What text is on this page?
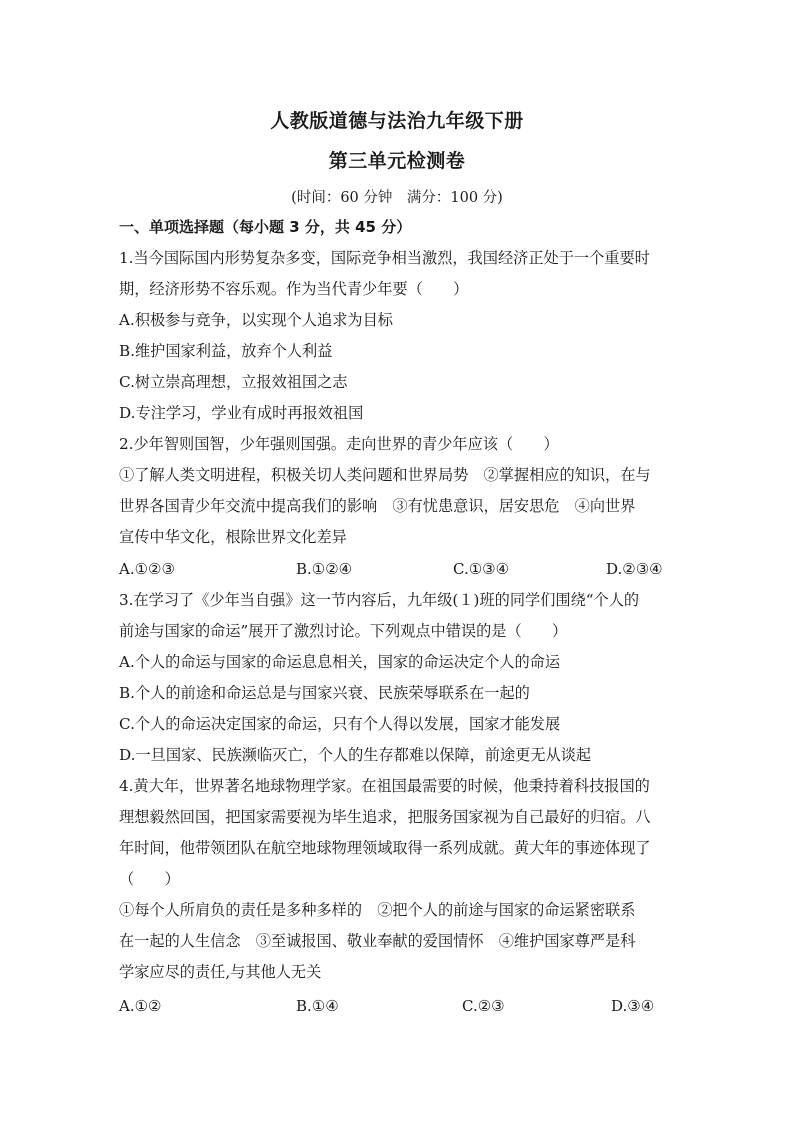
人教版道德与法治九年级下册
第三单元检测卷
(时间：60 分钟　满分：100 分)
一、单项选择题（每小题 3 分，共 45 分）
1.当今国际国内形势复杂多变，国际竞争相当激烈，我国经济正处于一个重要时
期，经济形势不容乐观。作为当代青少年要（　　）
A.积极参与竞争，以实现个人追求为目标
B.维护国家利益，放弃个人利益
C.树立崇高理想，立报效祖国之志
D.专注学习，学业有成时再报效祖国
2.少年智则国智，少年强则国强。走向世界的青少年应该（　　）
①了解人类文明进程，积极关切人类问题和世界局势　②掌握相应的知识，在与
世界各国青少年交流中提高我们的影响　③有忧患意识，居安思危　④向世界
宣传中华文化，根除世界文化差异
A.①②③	B.①②④	C.①③④	D.②③④
3.在学习了《少年当自强》这一节内容后，九年级(１)班的同学们围绕“个人的
前途与国家的命运”展开了激烈讨论。下列观点中错误的是（　　）
A.个人的命运与国家的命运息息相关，国家的命运决定个人的命运
B.个人的前途和命运总是与国家兴衰、民族荣辱联系在一起的
C.个人的命运决定国家的命运，只有个人得以发展，国家才能发展
D.一旦国家、民族濒临灭亡，个人的生存都难以保障，前途更无从谈起
4.黄大年，世界著名地球物理学家。在祖国最需要的时候，他秉持着科技报国的
理想毅然回国，把国家需要视为毕生追求，把服务国家视为自己最好的归宿。八
年时间，他带领团队在航空地球物理领域取得一系列成就。黄大年的事迹体现了
（　　）
①每个人所肩负的责任是多种多样的　②把个人的前途与国家的命运紧密联系
在一起的人生信念　③至诚报国、敬业奉献的爱国情怀　④维护国家尊严是科
学家应尽的责任,与其他人无关
A.①②	B.①④	C.②③	D.③④
